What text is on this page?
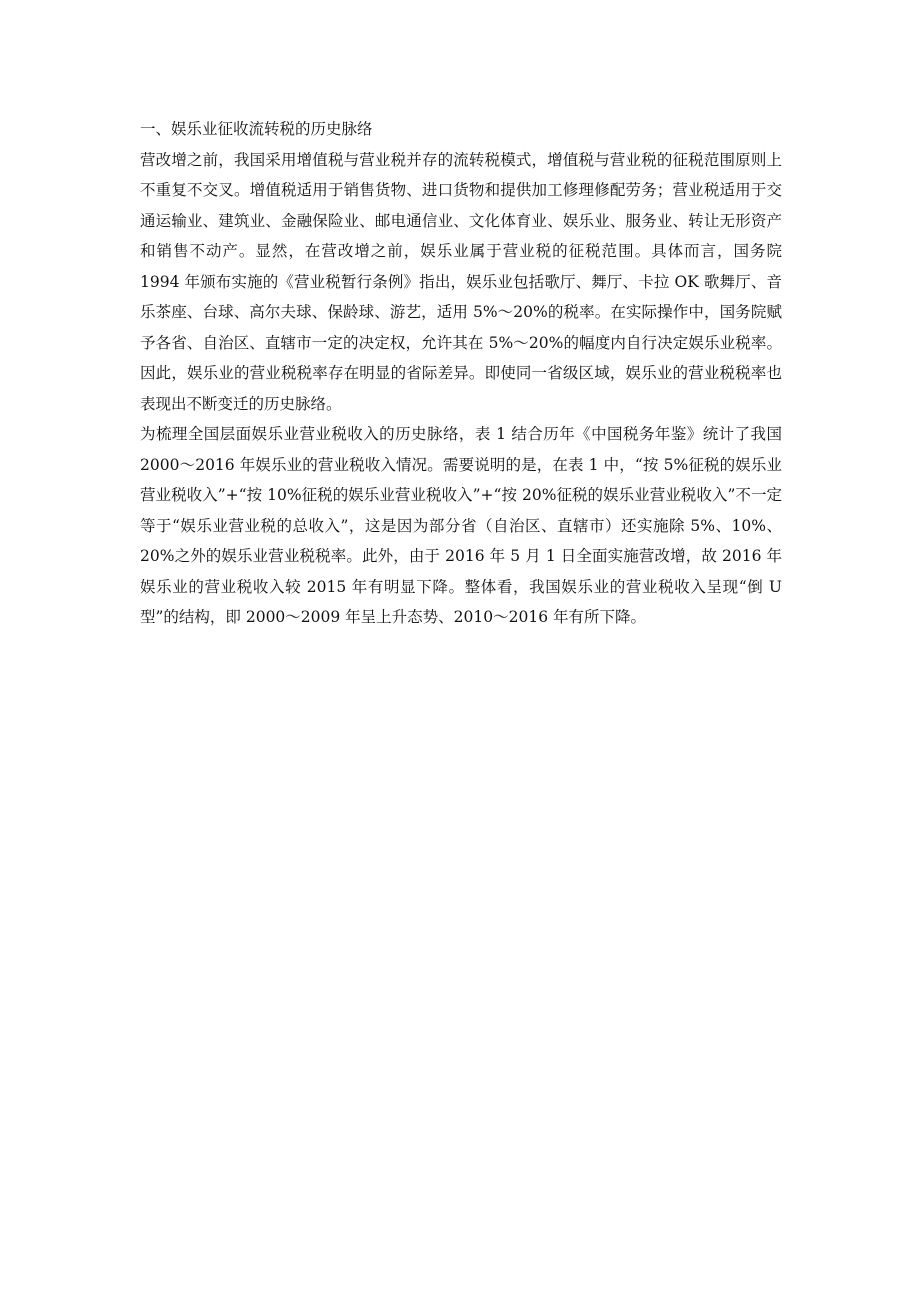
一、娱乐业征收流转税的历史脉络

营改增之前，我国采用增值税与营业税并存的流转税模式，增值税与营业税的征税范围原则上不重复不交叉。增值税适用于销售货物、进口货物和提供加工修理修配劳务；营业税适用于交通运输业、建筑业、金融保险业、邮电通信业、文化体育业、娱乐业、服务业、转让无形资产和销售不动产。显然，在营改增之前，娱乐业属于营业税的征税范围。具体而言，国务院 1994 年颁布实施的《营业税暂行条例》指出，娱乐业包括歌厅、舞厅、卡拉 OK 歌舞厅、音乐茶座、台球、高尔夫球、保龄球、游艺，适用 5%～20%的税率。在实际操作中，国务院赋予各省、自治区、直辖市一定的决定权，允许其在 5%～20%的幅度内自行决定娱乐业税率。因此，娱乐业的营业税税率存在明显的省际差异。即使同一省级区域，娱乐业的营业税税率也表现出不断变迁的历史脉络。

为梳理全国层面娱乐业营业税收入的历史脉络，表 1 结合历年《中国税务年鉴》统计了我国 2000～2016 年娱乐业的营业税收入情况。需要说明的是，在表 1 中，“按 5%征税的娱乐业营业税收入”+“按 10%征税的娱乐业营业税收入”+“按 20%征税的娱乐业营业税收入”不一定等于“娱乐业营业税的总收入”，这是因为部分省（自治区、直辖市）还实施除 5%、10%、20%之外的娱乐业营业税税率。此外，由于 2016 年 5 月 1 日全面实施营改增，故 2016 年娱乐业的营业税收入较 2015 年有明显下降。整体看，我国娱乐业的营业税收入呈现“倒 U 型”的结构，即 2000～2009 年呈上升态势、2010～2016 年有所下降。
